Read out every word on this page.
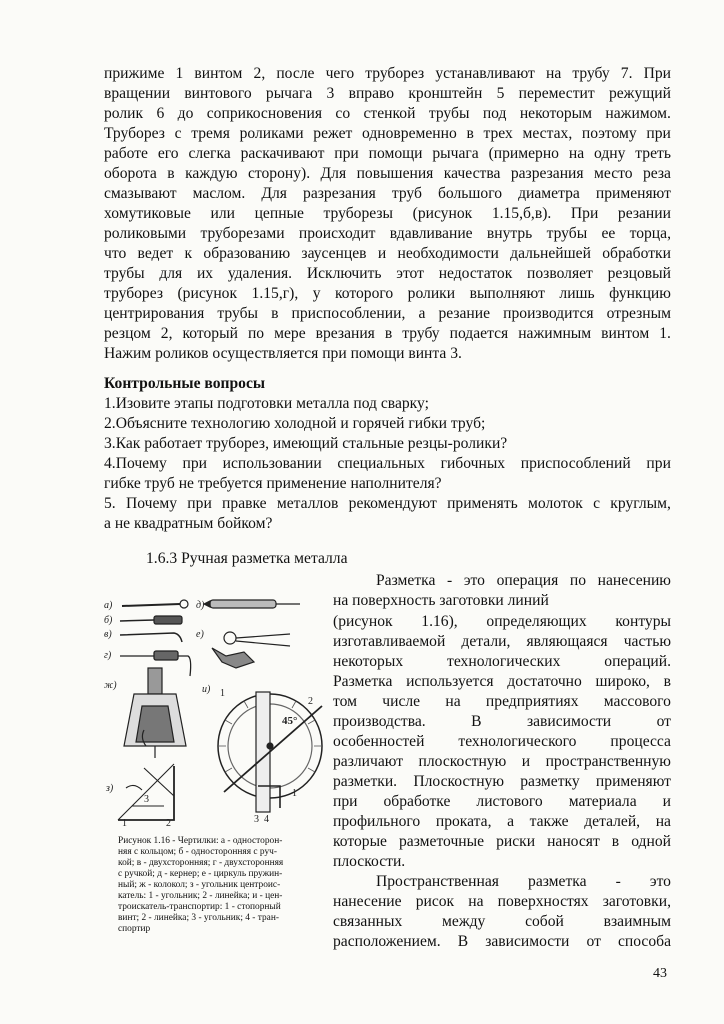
прижиме 1 винтом 2, после чего труборез устанавливают на трубу 7. При
вращении винтового рычага 3 вправо кронштейн 5 переместит режущий
ролик 6 до соприкосновения со стенкой трубы под некоторым нажимом.
Труборез с тремя роликами режет одновременно в трех местах, поэтому при
работе его слегка раскачивают при помощи рычага (примерно на одну треть
оборота в каждую сторону). Для повышения качества разрезания место реза
смазывают маслом. Для разрезания труб большого диаметра применяют
хомутиковые или цепные труборезы (рисунок 1.15,б,в). При резании
роликовыми труборезами происходит вдавливание внутрь трубы ее торца,
что ведет к образованию заусенцев и необходимости дальнейшей обработки
трубы для их удаления. Исключить этот недостаток позволяет резцовый
труборез (рисунок 1.15,г), у которого ролики выполняют лишь функцию
центрирования трубы в приспособлении, а резание производится отрезным
резцом 2, который по мере врезания в трубу подается нажимным винтом 1.
Нажим роликов осуществляется при помощи винта 3.
Контрольные вопросы
1.Изовите этапы подготовки металла под сварку;
2.Объясните технологию холодной и горячей гибки труб;
3.Как работает труборез, имеющий стальные резцы-ролики?
4.Почему при использовании специальных гибочных приспособлений при
гибке труб не требуется применение наполнителя?
5. Почему при правке металлов рекомендуют применять молоток с круглым,
а не квадратным бойком?
1.6.3 Ручная разметка металла
Разметка - это операция по нанесению
на поверхность заготовки линий
(рисунок 1.16), определяющих контуры
изготавливаемой детали, являющаяся частью
некоторых	технологических	операций.
Разметка используется достаточно широко, в
том числе на предприятиях массового
производства.	В	зависимости	от
особенностей технологического процесса
различают плоскостную и пространственную
разметки. Плоскостную разметку применяют
при обработке листового материала и
профильного проката, а также деталей, на
которые разметочные риски наносят в одной
плоскости.
Пространственная разметка - это
нанесение рисок на поверхностях заготовки,
связанных	между	собой	взаимным
расположением. В зависимости от способа
а)
б)
в)
г)
д)
е)
ж)	и)
з)
45°
1
2
3 4
3
1	2
1
Рисунок 1.16 - Чертилки: а - односторон-
няя с кольцом; б - односторонняя с руч-
кой; в - двухсторонняя; г - двухсторонняя
с ручкой; д - кернер; е - циркуль пружин-
ный; ж - колокол; з - угольник центроис-
катель: 1 - угольник; 2 - линейка; и - цен-
троискатель-транспортир: 1 - стопорный
винт; 2 - линейка; 3 - угольник; 4 - тран-
спортир
43
